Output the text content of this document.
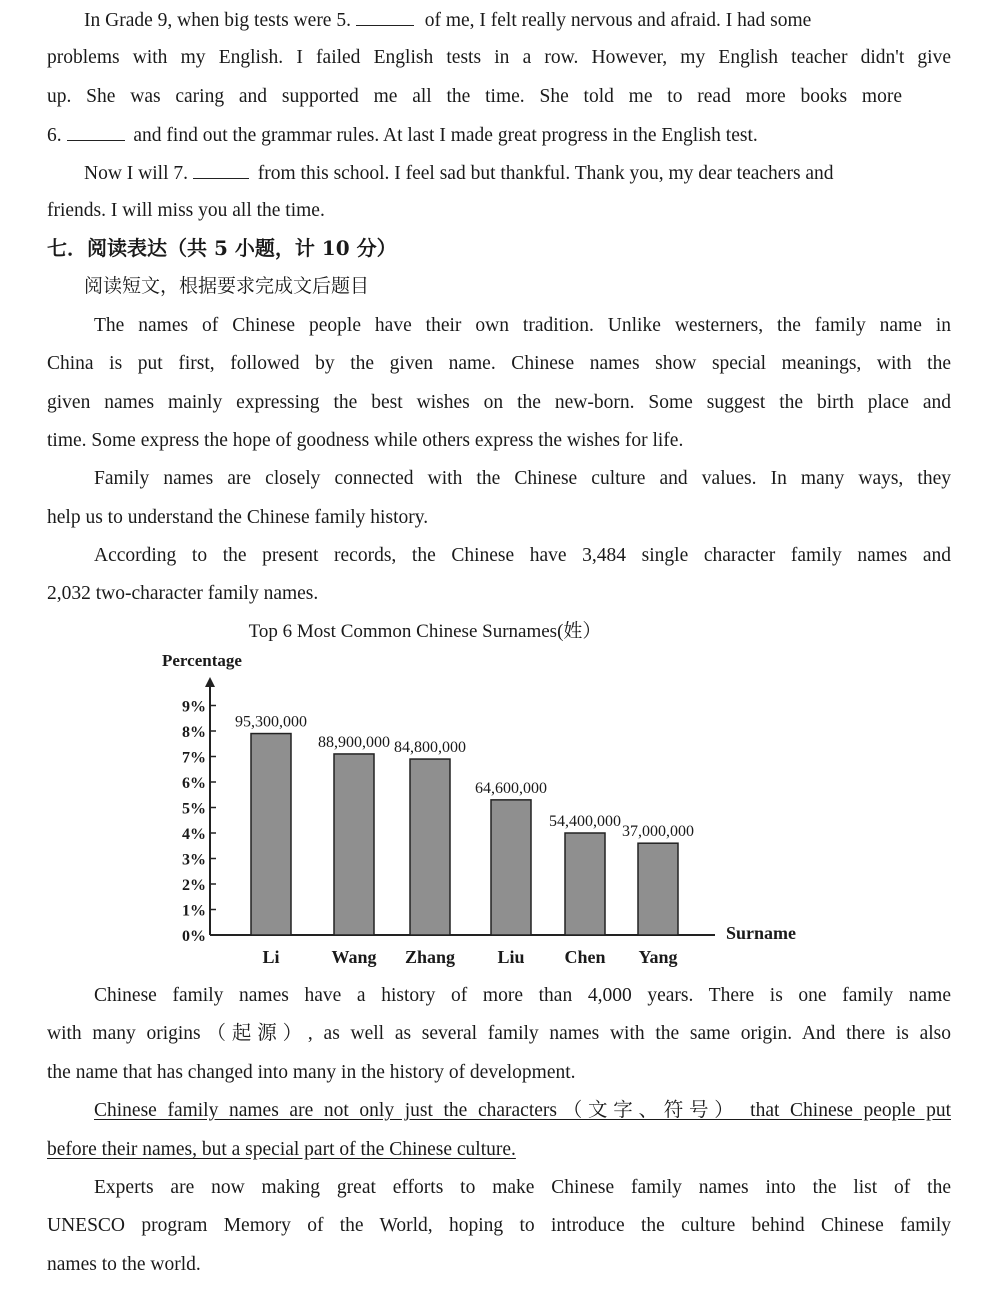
In Grade 9, when big tests were 5.	of me, I felt really nervous and afraid. I had some
problems with my English. I failed English tests in a row. However, my English teacher didn't give
up. She was caring and supported me all the time. She told me to read more books more
6.	and find out the grammar rules. At last I made great progress in the English test.
Now I will 7.	from this school. I feel sad but thankful. Thank you, my dear teachers and
friends. I will miss you all the time.
七．阅读表达（共 5 小题，计 10 分）
阅读短文，根据要求完成文后题目
The names of Chinese people have their own tradition. Unlike westerners, the family name in
China is put first, followed by the given name. Chinese names show special meanings, with the
given names mainly expressing the best wishes on the new-born. Some suggest the birth place and
time. Some express the hope of goodness while others express the wishes for life.
Family names are closely connected with the Chinese culture and values. In many ways, they
help us to understand the Chinese family history.
According to the present records, the Chinese have 3,484 single character family names and
2,032 two-character family names.
Top 6 Most Common Chinese Surnames(姓）
Percentage
Surname
0%
1%
2%
3%
4%
5%
6%
7%
8%
9%
95,300,000
Li
88,900,000
Wang
84,800,000
Zhang
64,600,000
Liu
54,400,000
Chen
37,000,000
Yang
Chinese family names have a history of more than 4,000 years. There is one family name
with many origins（起源）, as well as several family names with the same origin. And there is also
the name that has changed into many in the history of development.
Chinese family names are not only just the characters（文字、符号） that Chinese people put
before their names, but a special part of the Chinese culture.
Experts are now making great efforts to make Chinese family names into the list of the
UNESCO program Memory of the World, hoping to introduce the culture behind Chinese family
names to the world.
